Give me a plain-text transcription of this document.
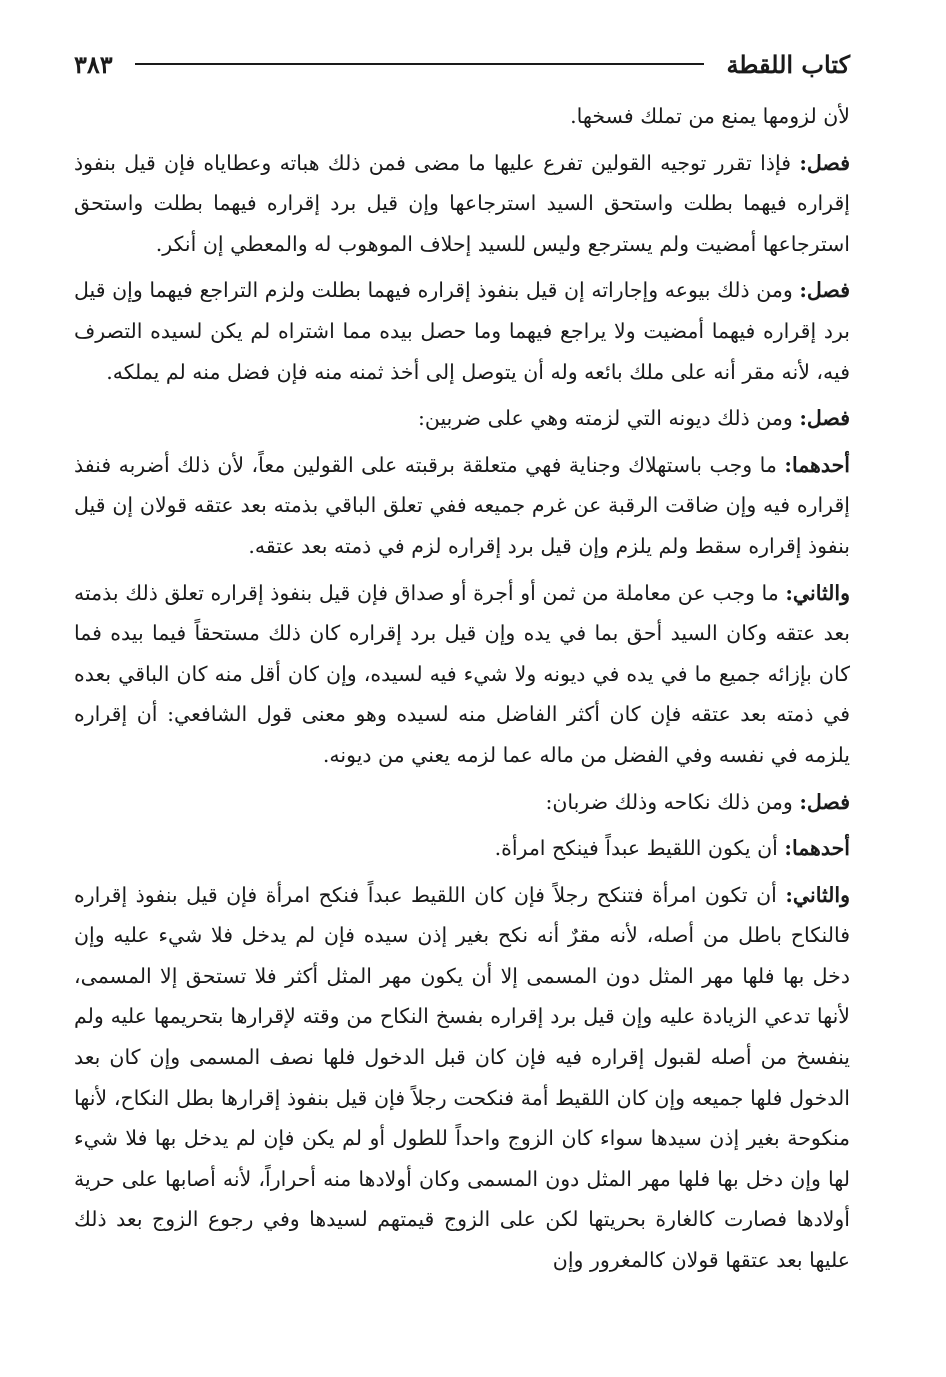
كتاب اللقطة
٣٨٣

لأن لزومها يمنع من تملك فسخها.

فصل: فإذا تقرر توجيه القولين تفرع عليها ما مضى فمن ذلك هباته وعطاياه فإن قيل بنفوذ إقراره فيهما بطلت واستحق السيد استرجاعها وإن قيل برد إقراره فيهما بطلت واستحق استرجاعها أمضيت ولم يسترجع وليس للسيد إحلاف الموهوب له والمعطي إن أنكر.

فصل: ومن ذلك بيوعه وإجاراته إن قيل بنفوذ إقراره فيهما بطلت ولزم التراجع فيهما وإن قيل برد إقراره فيهما أمضيت ولا يراجع فيهما وما حصل بيده مما اشتراه لم يكن لسيده التصرف فيه، لأنه مقر أنه على ملك بائعه وله أن يتوصل إلى أخذ ثمنه منه فإن فضل منه لم يملكه.

فصل: ومن ذلك ديونه التي لزمته وهي على ضربين:

أحدهما: ما وجب باستهلاك وجناية فهي متعلقة برقبته على القولين معاً، لأن ذلك أضربه فنفذ إقراره فيه وإن ضاقت الرقبة عن غرم جميعه ففي تعلق الباقي بذمته بعد عتقه قولان إن قيل بنفوذ إقراره سقط ولم يلزم وإن قيل برد إقراره لزم في ذمته بعد عتقه.

والثاني: ما وجب عن معاملة من ثمن أو أجرة أو صداق فإن قيل بنفوذ إقراره تعلق ذلك بذمته بعد عتقه وكان السيد أحق بما في يده وإن قيل برد إقراره كان ذلك مستحقاً فيما بيده فما كان بإزائه جميع ما في يده في ديونه ولا شيء فيه لسيده، وإن كان أقل منه كان الباقي بعده في ذمته بعد عتقه فإن كان أكثر الفاضل منه لسيده وهو معنى قول الشافعي: أن إقراره يلزمه في نفسه وفي الفضل من ماله عما لزمه يعني من ديونه.

فصل: ومن ذلك نكاحه وذلك ضربان:

أحدهما: أن يكون اللقيط عبداً فينكح امرأة.

والثاني: أن تكون امرأة فتنكح رجلاً فإن كان اللقيط عبداً فنكح امرأة فإن قيل بنفوذ إقراره فالنكاح باطل من أصله، لأنه مقرٌ أنه نكح بغير إذن سيده فإن لم يدخل فلا شيء عليه وإن دخل بها فلها مهر المثل دون المسمى إلا أن يكون مهر المثل أكثر فلا تستحق إلا المسمى، لأنها تدعي الزيادة عليه وإن قيل برد إقراره بفسخ النكاح من وقته لإقرارها بتحريمها عليه ولم ينفسخ من أصله لقبول إقراره فيه فإن كان قبل الدخول فلها نصف المسمى وإن كان بعد الدخول فلها جميعه وإن كان اللقيط أمة فنكحت رجلاً فإن قيل بنفوذ إقرارها بطل النكاح، لأنها منكوحة بغير إذن سيدها سواء كان الزوج واحداً للطول أو لم يكن فإن لم يدخل بها فلا شيء لها وإن دخل بها فلها مهر المثل دون المسمى وكان أولادها منه أحراراً، لأنه أصابها على حرية أولادها فصارت كالغارة بحريتها لكن على الزوج قيمتهم لسيدها وفي رجوع الزوج بعد ذلك عليها بعد عتقها قولان كالمغرور وإن
